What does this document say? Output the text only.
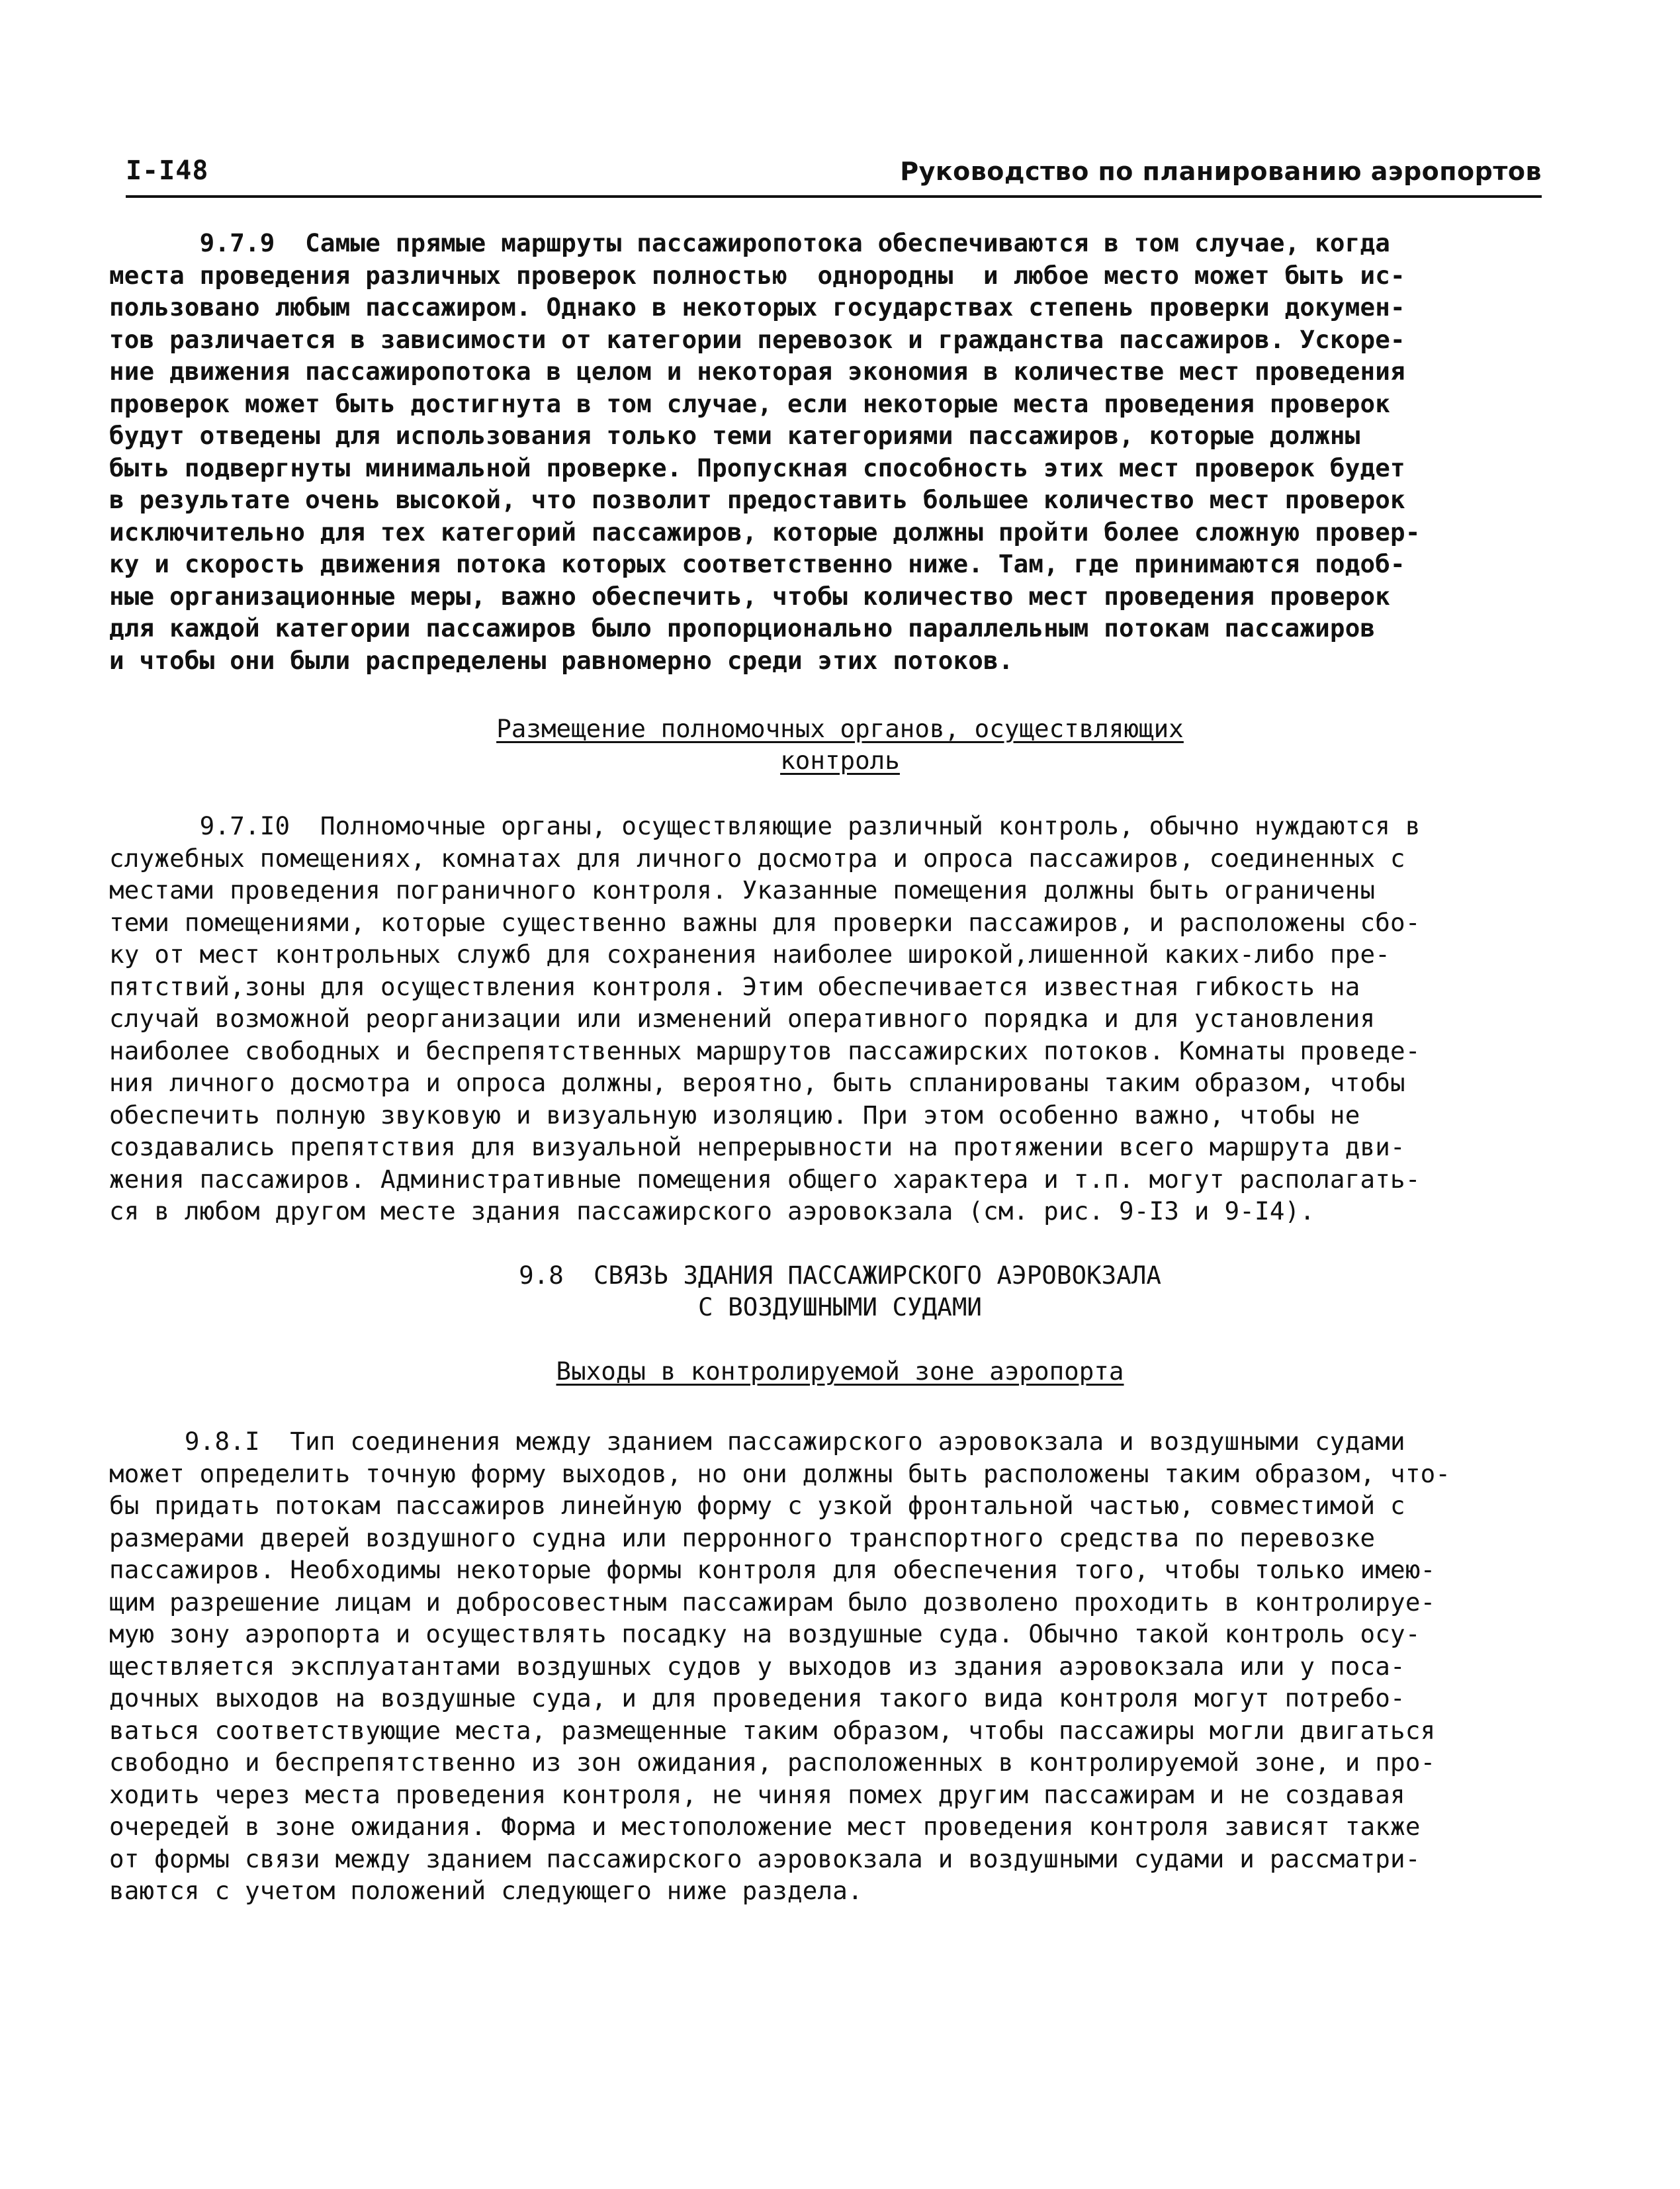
I-I48	Руководство по планированию аэропортов
9.7.9  Самые прямые маршруты пассажиропотока обеспечиваются в том случае, когда
места проведения различных проверок полностью  однородны  и любое место может быть ис-
пользовано любым пассажиром. Однако в некоторых государствах степень проверки докумен-
тов различается в зависимости от категории перевозок и гражданства пассажиров. Ускоре-
ние движения пассажиропотока в целом и некоторая экономия в количестве мест проведения
проверок может быть достигнута в том случае, если некоторые места проведения проверок
будут отведены для использования только теми категориями пассажиров, которые должны
быть подвергнуты минимальной проверке. Пропускная способность этих мест проверок будет
в результате очень высокой, что позволит предоставить большее количество мест проверок
исключительно для тех категорий пассажиров, которые должны пройти более сложную провер-
ку и скорость движения потока которых соответственно ниже. Там, где принимаются подоб-
ные организационные меры, важно обеспечить, чтобы количество мест проведения проверок
для каждой категории пассажиров было пропорционально параллельным потокам пассажиров
и чтобы они были распределены равномерно среди этих потоков.
Размещение полномочных органов, осуществляющих
контроль
9.7.I0  Полномочные органы, осуществляющие различный контроль, обычно нуждаются в
служебных помещениях, комнатах для личного досмотра и опроса пассажиров, соединенных с
местами проведения пограничного контроля. Указанные помещения должны быть ограничены
теми помещениями, которые существенно важны для проверки пассажиров, и расположены сбо-
ку от мест контрольных служб для сохранения наиболее широкой,лишенной каких-либо пре-
пятствий,зоны для осуществления контроля. Этим обеспечивается известная гибкость на
случай возможной реорганизации или изменений оперативного порядка и для установления
наиболее свободных и беспрепятственных маршрутов пассажирских потоков. Комнаты проведе-
ния личного досмотра и опроса должны, вероятно, быть спланированы таким образом, чтобы
обеспечить полную звуковую и визуальную изоляцию. При этом особенно важно, чтобы не
создавались препятствия для визуальной непрерывности на протяжении всего маршрута дви-
жения пассажиров. Административные помещения общего характера и т.п. могут располагать-
ся в любом другом месте здания пассажирского аэровокзала (см. рис. 9-I3 и 9-I4).
9.8  СВЯЗЬ ЗДАНИЯ ПАССАЖИРСКОГО АЭРОВОКЗАЛА
С ВОЗДУШНЫМИ СУДАМИ
Выходы в контролируемой зоне аэропорта
9.8.I  Тип соединения между зданием пассажирского аэровокзала и воздушными судами
может определить точную форму выходов, но они должны быть расположены таким образом, что-
бы придать потокам пассажиров линейную форму с узкой фронтальной частью, совместимой с
размерами дверей воздушного судна или перронного транспортного средства по перевозке
пассажиров. Необходимы некоторые формы контроля для обеспечения того, чтобы только имею-
щим разрешение лицам и добросовестным пассажирам было дозволено проходить в контролируе-
мую зону аэропорта и осуществлять посадку на воздушные суда. Обычно такой контроль осу-
ществляется эксплуатантами воздушных судов у выходов из здания аэровокзала или у поса-
дочных выходов на воздушные суда, и для проведения такого вида контроля могут потребо-
ваться соответствующие места, размещенные таким образом, чтобы пассажиры могли двигаться
свободно и беспрепятственно из зон ожидания, расположенных в контролируемой зоне, и про-
ходить через места проведения контроля, не чиняя помех другим пассажирам и не создавая
очередей в зоне ожидания. Форма и местоположение мест проведения контроля зависят также
от формы связи между зданием пассажирского аэровокзала и воздушными судами и рассматри-
ваются с учетом положений следующего ниже раздела.
